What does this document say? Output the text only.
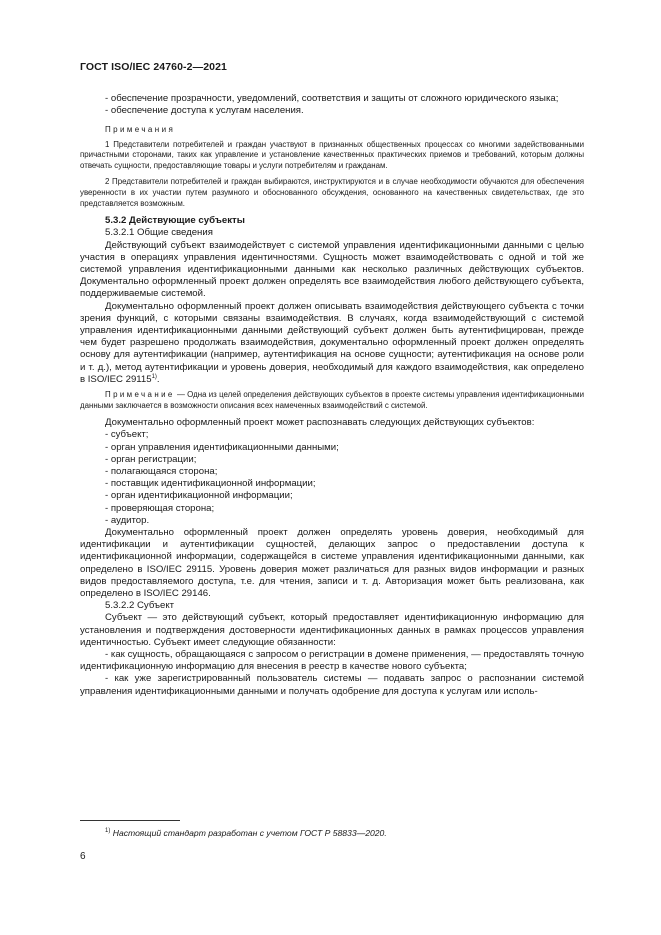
ГОСТ ISO/IEC 24760-2—2021

- обеспечение прозрачности, уведомлений, соответствия и защиты от сложного юридического языка;

- обеспечение доступа к услугам населения.

Примечания

1 Представители потребителей и граждан участвуют в признанных общественных процессах со многими задействованными причастными сторонами, таких как управление и установление качественных практических приемов и требований, которым должны отвечать сущности, предоставляющие товары и услуги потребителям и гражданам.

2 Представители потребителей и граждан выбираются, инструктируются и в случае необходимости обучаются для обеспечения уверенности в их участии путем разумного и обоснованного обсуждения, основанного на качественных свидетельствах, где это представляется возможным.

5.3.2 Действующие субъекты

5.3.2.1 Общие сведения

Действующий субъект взаимодействует с системой управления идентификационными данными с целью участия в операциях управления идентичностями. Сущность может взаимодействовать с одной и той же системой управления идентификационными данными как несколько различных действующих субъектов. Документально оформленный проект должен определять все взаимодействия любого действующего субъекта, поддерживаемые системой.

Документально оформленный проект должен описывать взаимодействия действующего субъекта с точки зрения функций, с которыми связаны взаимодействия. В случаях, когда взаимодействующий с системой управления идентификационными данными действующий субъект должен быть аутентифицирован, прежде чем будет разрешено продолжать взаимодействия, документально оформленный проект должен определять основу для аутентификации (например, аутентификация на основе сущности; аутентификация на основе роли и т. д.), метод аутентификации и уровень доверия, необходимый для каждого взаимодействия, как определено в ISO/IEC 29115$^{1)}$.

Примечание — Одна из целей определения действующих субъектов в проекте системы управления идентификационными данными заключается в возможности описания всех намеченных взаимодействий с системой.

Документально оформленный проект может распознавать следующих действующих субъектов:

- субъект;

- орган управления идентификационными данными;

- орган регистрации;

- полагающаяся сторона;

- поставщик идентификационной информации;

- орган идентификационной информации;

- проверяющая сторона;

- аудитор.

Документально оформленный проект должен определять уровень доверия, необходимый для идентификации и аутентификации сущностей, делающих запрос о предоставлении доступа к идентификационной информации, содержащейся в системе управления идентификационными данными, как определено в ISO/IEC 29115. Уровень доверия может различаться для разных видов информации и разных видов предоставляемого доступа, т.е. для чтения, записи и т. д. Авторизация может быть реализована, как определено в ISO/IEC 29146.

5.3.2.2 Субъект

Субъект — это действующий субъект, который предоставляет идентификационную информацию для установления и подтверждения достоверности идентификационных данных в рамках процессов управления идентичностью. Субъект имеет следующие обязанности:

- как сущность, обращающаяся с запросом о регистрации в домене применения, — предоставлять точную идентификационную информацию для внесения в реестр в качестве нового субъекта;

- как уже зарегистрированный пользователь системы — подавать запрос о распознании системой управления идентификационными данными и получать одобрение для доступа к услугам или исполь-

$^{1)}$ Настоящий стандарт разработан с учетом ГОСТ Р 58833—2020.
6
